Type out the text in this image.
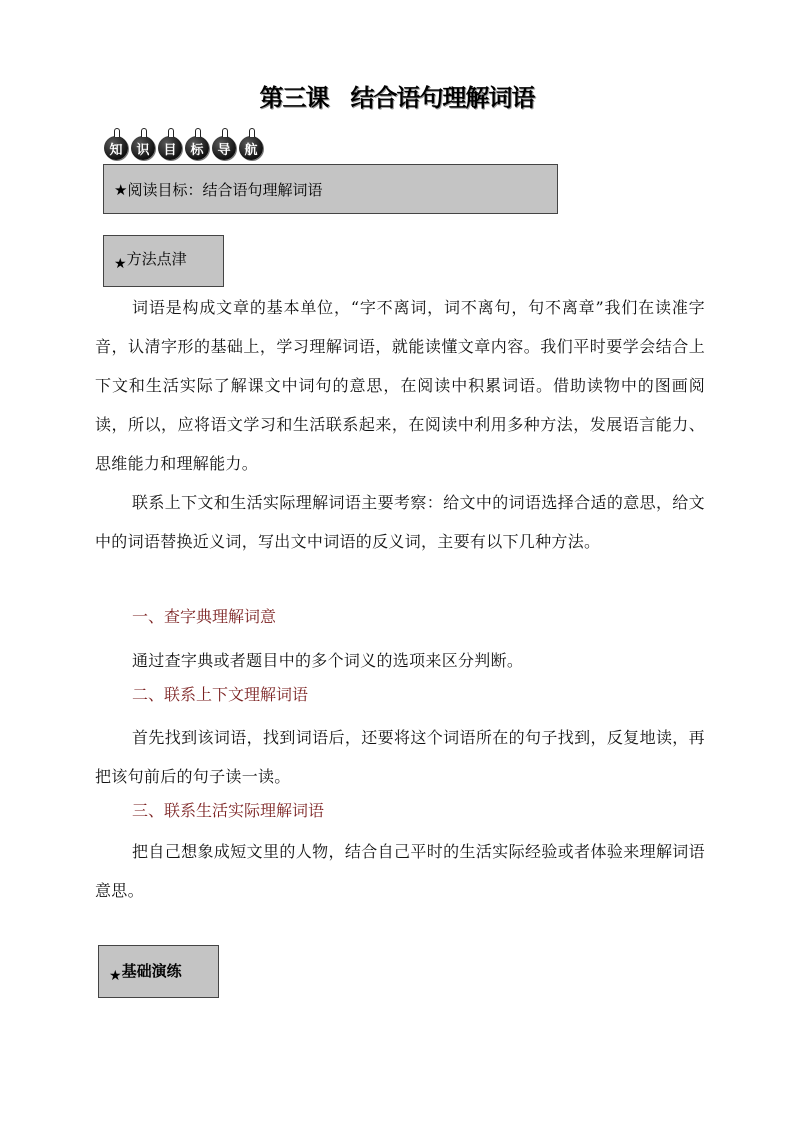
第三课 结合语句理解词语
知	识	目	标	导	航
★阅读目标：结合语句理解词语
★方法点津

词语是构成文章的基本单位，“字不离词，词不离句，句不离章”我们在读准字音，认清字形的基础上，学习理解词语，就能读懂文章内容。我们平时要学会结合上下文和生活实际了解课文中词句的意思，在阅读中积累词语。借助读物中的图画阅读，所以，应将语文学习和生活联系起来，在阅读中利用多种方法，发展语言能力、思维能力和理解能力。

联系上下文和生活实际理解词语主要考察：给文中的词语选择合适的意思，给文中的词语替换近义词，写出文中词语的反义词，主要有以下几种方法。

一、查字典理解词意

通过查字典或者题目中的多个词义的选项来区分判断。

二、联系上下文理解词语

首先找到该词语，找到词语后，还要将这个词语所在的句子找到，反复地读，再把该句前后的句子读一读。

三、联系生活实际理解词语

把自己想象成短文里的人物，结合自己平时的生活实际经验或者体验来理解词语意思。

★基础演练
